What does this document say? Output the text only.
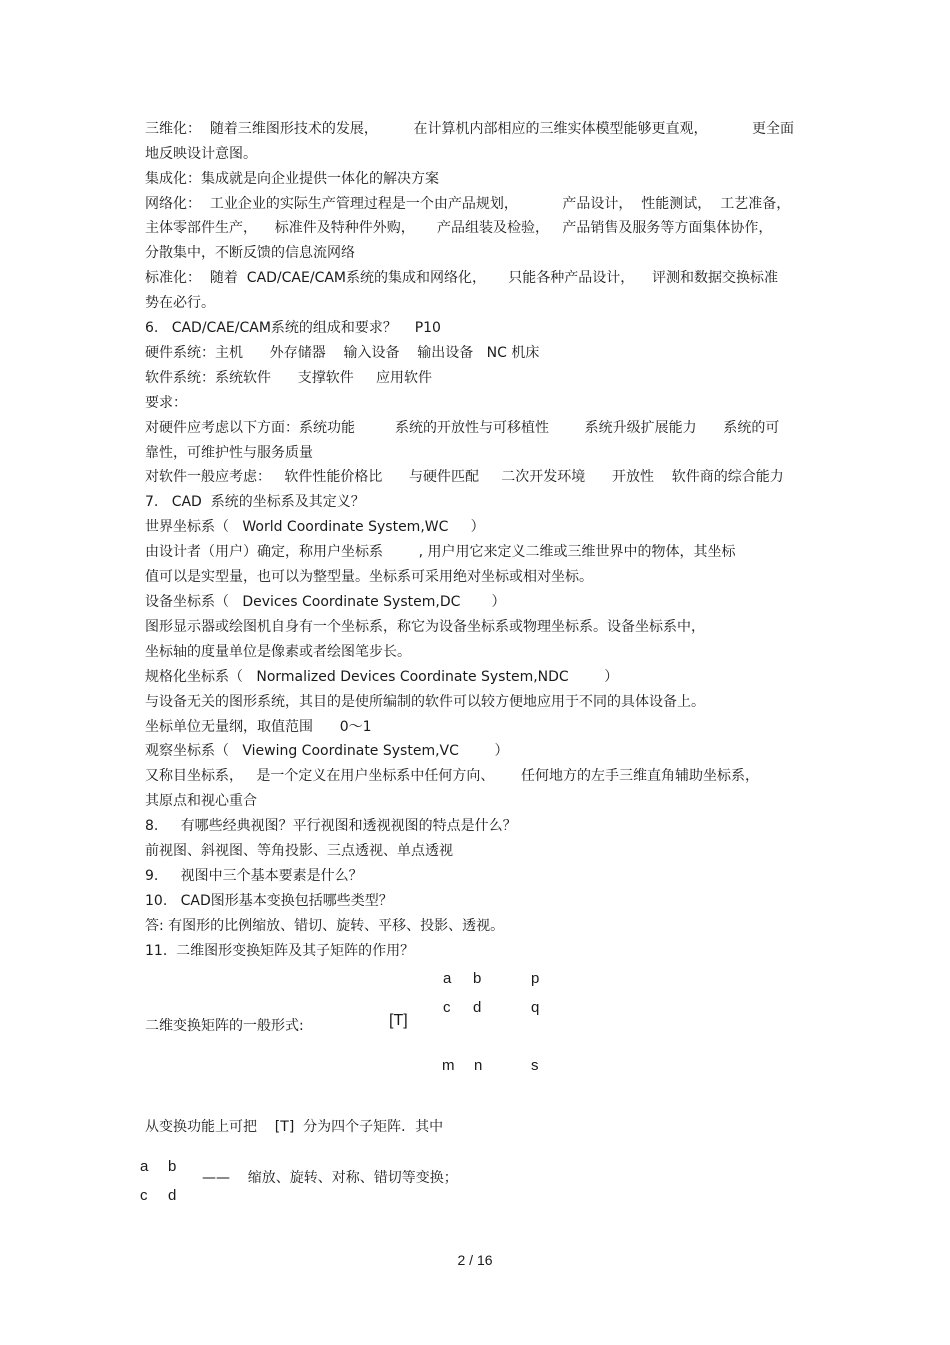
三维化：  随着三维图形技术的发展，        在计算机内部相应的三维实体模型能够更直观，          更全面
地反映设计意图。
集成化：集成就是向企业提供一体化的解决方案
网络化：  工业企业的实际生产管理过程是一个由产品规划，          产品设计，  性能测试，  工艺准备，
主体零部件生产，    标准件及特种件外购，     产品组装及检验，   产品销售及服务等方面集体协作，
分散集中，不断反馈的信息流网络
标准化：  随着  CAD/CAE/CAM系统的集成和网络化，     只能各种产品设计，    评测和数据交换标准
势在必行。
6.   CAD/CAE/CAM系统的组成和要求？    P10
硬件系统：主机      外存储器    输入设备    输出设备   NC 机床
软件系统：系统软件      支撑软件     应用软件
要求：
对硬件应考虑以下方面：系统功能         系统的开放性与可移植性        系统升级扩展能力      系统的可
靠性，可维护性与服务质量
对软件一般应考虑：   软件性能价格比      与硬件匹配     二次开发环境      开放性    软件商的综合能力
7.   CAD  系统的坐标系及其定义？
世界坐标系（   World Coordinate System,WC     ）
由设计者（用户）确定，称用户坐标系        , 用户用它来定义二维或三维世界中的物体，其坐标
值可以是实型量，也可以为整型量。坐标系可采用绝对坐标或相对坐标。
设备坐标系（   Devices Coordinate System,DC       ）
图形显示器或绘图机自身有一个坐标系，称它为设备坐标系或物理坐标系。设备坐标系中，
坐标轴的度量单位是像素或者绘图笔步长。
规格化坐标系（   Normalized Devices Coordinate System,NDC        ）
与设备无关的图形系统，其目的是使所编制的软件可以较方便地应用于不同的具体设备上。
坐标单位无量纲，取值范围      0～1
观察坐标系（   Viewing Coordinate System,VC        ）
又称目坐标系，   是一个定义在用户坐标系中任何方向、      任何地方的左手三维直角辅助坐标系，
其原点和视心重合
8.     有哪些经典视图？平行视图和透视视图的特点是什么？
前视图、斜视图、等角投影、三点透视、单点透视
9.     视图中三个基本要素是什么？
10.   CAD图形基本变换包括哪些类型？
答: 有图形的比例缩放、错切、旋转、平移、投影、透视。
11.  二维图形变换矩阵及其子矩阵的作用？
二维变换矩阵的一般形式:	[T]
a b	p
c d	q
m n	s
从变换功能上可把    [T]  分为四个子矩阵．其中
a b
c d
——    缩放、旋转、对称、错切等变换；
2 / 16
